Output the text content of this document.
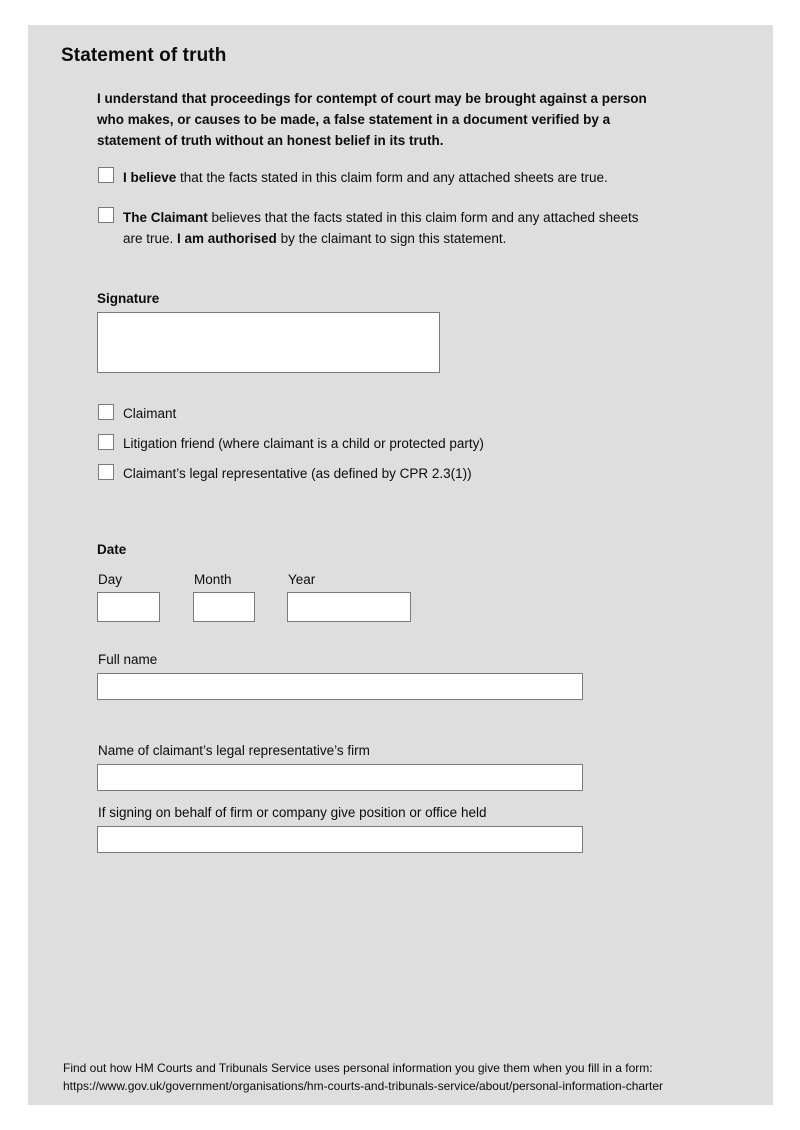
Statement of truth
I understand that proceedings for contempt of court may be brought against a person
who makes, or causes to be made, a false statement in a document verified by a
statement of truth without an honest belief in its truth.
I believe that the facts stated in this claim form and any attached sheets are true.
The Claimant believes that the facts stated in this claim form and any attached sheets
are true. I am authorised by the claimant to sign this statement.
Signature
Claimant
Litigation friend (where claimant is a child or protected party)
Claimant’s legal representative (as defined by CPR 2.3(1))
Date
Day	Month	Year
Full name
Name of claimant’s legal representative’s firm
If signing on behalf of firm or company give position or office held
Find out how HM Courts and Tribunals Service uses personal information you give them when you fill in a form:
https://www.gov.uk/government/organisations/hm-courts-and-tribunals-service/about/personal-information-charter
